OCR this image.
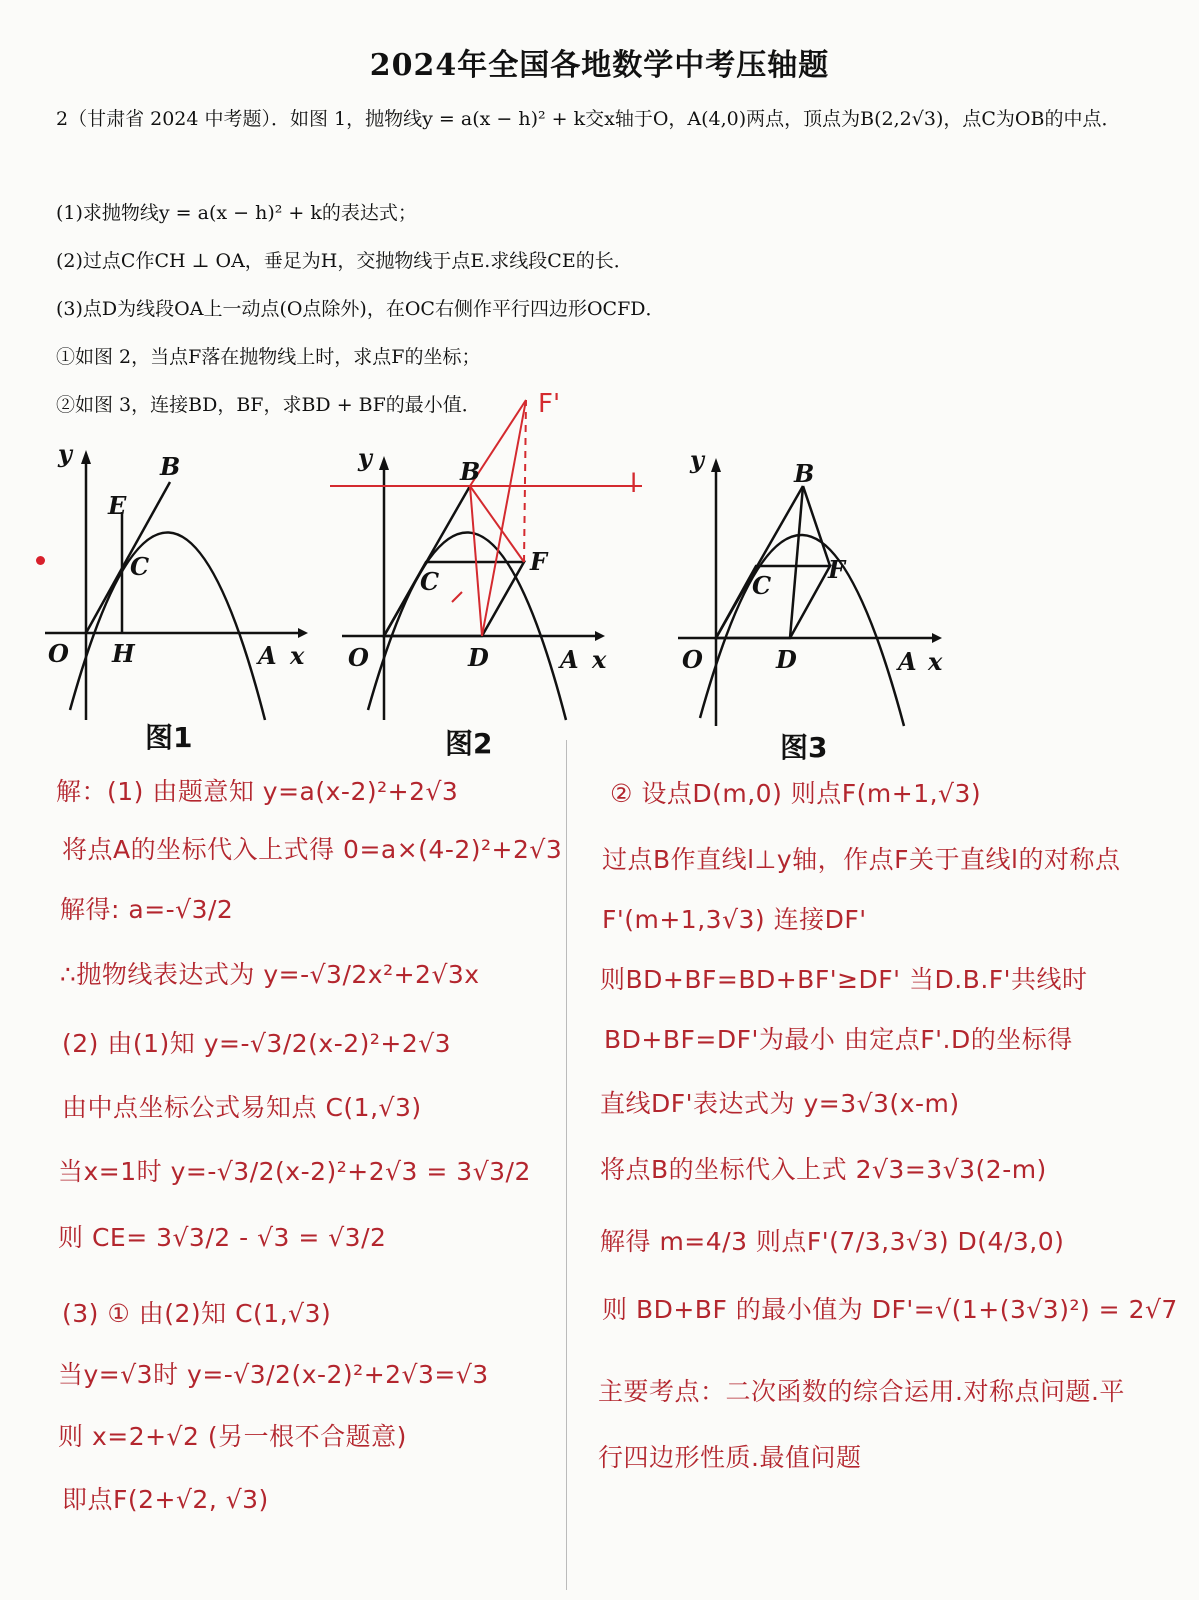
2024年全国各地数学中考压轴题
2（甘肃省 2024 中考题）．如图 1，抛物线y = a(x − h)² + k交x轴于O，A(4,0)两点，顶点为B(2,2√3)，点C为OB的中点．
(1)求抛物线y = a(x − h)² + k的表达式；
(2)过点C作CH ⊥ OA，垂足为H，交抛物线于点E.求线段CE的长．
(3)点D为线段OA上一动点(O点除外)，在OC右侧作平行四边形OCFD．
①如图 2，当点F落在抛物线上时，求点F的坐标；
②如图 3，连接BD，BF，求BD + BF的最小值．
y	B
E
C
O H	A x
图1
y	B
C
F
O	D	A x
l
F'
图2
y	B
C
F
O	D	A x
图3
解：(1) 由题意知 y=a(x-2)²+2√3
将点A的坐标代入上式得 0=a×(4-2)²+2√3
解得: a=-√3/2
∴抛物线表达式为 y=-√3/2x²+2√3x
(2) 由(1)知 y=-√3/2(x-2)²+2√3
由中点坐标公式易知点 C(1,√3)
当x=1时 y=-√3/2(x-2)²+2√3 = 3√3/2
则 CE= 3√3/2 - √3 = √3/2
(3) ① 由(2)知 C(1,√3)
当y=√3时 y=-√3/2(x-2)²+2√3=√3
则 x=2+√2 (另一根不合题意)
即点F(2+√2, √3)
② 设点D(m,0) 则点F(m+1,√3)
过点B作直线l⊥y轴，作点F关于直线l的对称点
F'(m+1,3√3) 连接DF'
则BD+BF=BD+BF'≥DF' 当D.B.F'共线时
BD+BF=DF'为最小 由定点F'.D的坐标得
直线DF'表达式为 y=3√3(x-m)
将点B的坐标代入上式 2√3=3√3(2-m)
解得 m=4/3 则点F'(7/3,3√3) D(4/3,0)
则 BD+BF 的最小值为 DF'=√(1+(3√3)²) = 2√7
主要考点：二次函数的综合运用.对称点问题.平
行四边形性质.最值问题
